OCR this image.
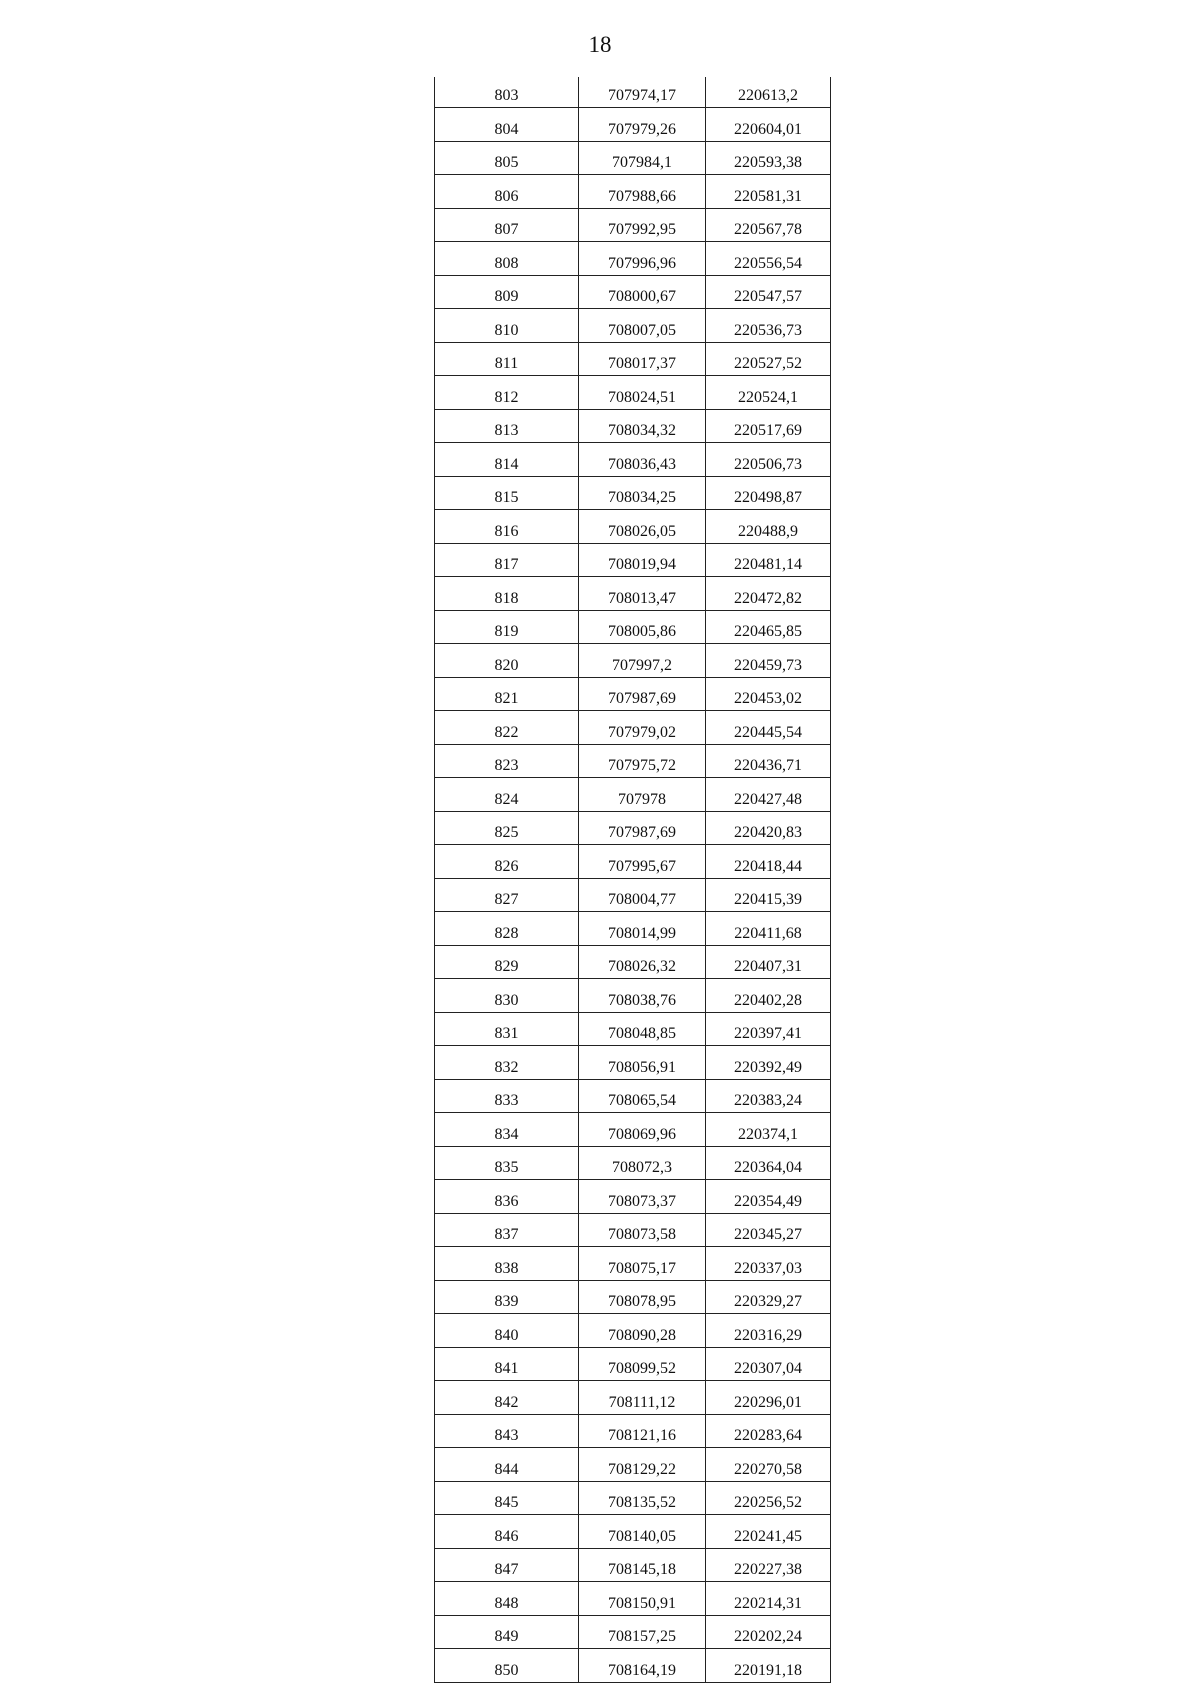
18
803	707974,17	220613,2
804	707979,26	220604,01
805	707984,1	220593,38
806	707988,66	220581,31
807	707992,95	220567,78
808	707996,96	220556,54
809	708000,67	220547,57
810	708007,05	220536,73
811	708017,37	220527,52
812	708024,51	220524,1
813	708034,32	220517,69
814	708036,43	220506,73
815	708034,25	220498,87
816	708026,05	220488,9
817	708019,94	220481,14
818	708013,47	220472,82
819	708005,86	220465,85
820	707997,2	220459,73
821	707987,69	220453,02
822	707979,02	220445,54
823	707975,72	220436,71
824	707978	220427,48
825	707987,69	220420,83
826	707995,67	220418,44
827	708004,77	220415,39
828	708014,99	220411,68
829	708026,32	220407,31
830	708038,76	220402,28
831	708048,85	220397,41
832	708056,91	220392,49
833	708065,54	220383,24
834	708069,96	220374,1
835	708072,3	220364,04
836	708073,37	220354,49
837	708073,58	220345,27
838	708075,17	220337,03
839	708078,95	220329,27
840	708090,28	220316,29
841	708099,52	220307,04
842	708111,12	220296,01
843	708121,16	220283,64
844	708129,22	220270,58
845	708135,52	220256,52
846	708140,05	220241,45
847	708145,18	220227,38
848	708150,91	220214,31
849	708157,25	220202,24
850	708164,19	220191,18
